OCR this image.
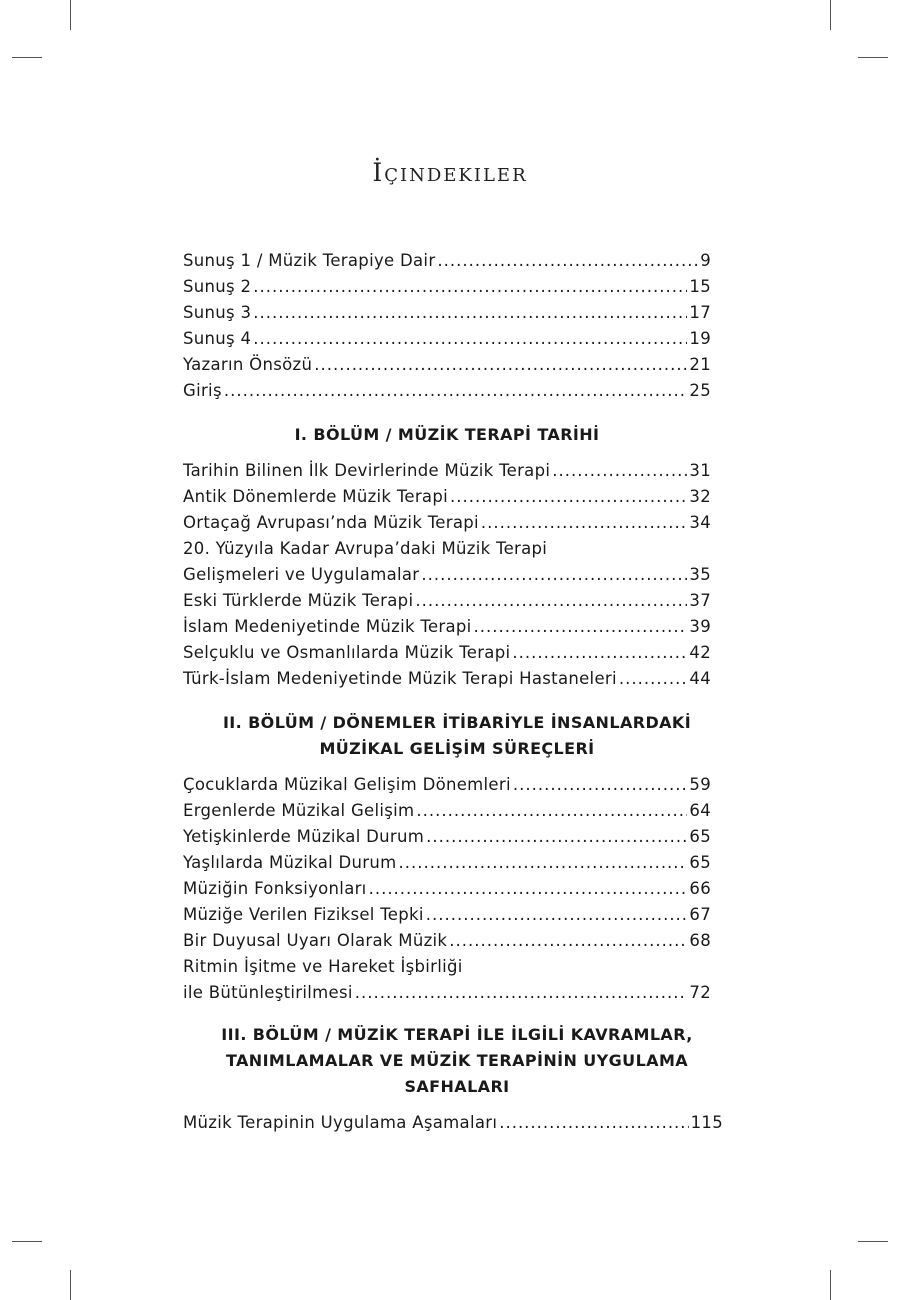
İçindekiler
Sunuş 1 / Müzik Terapiye Dair .....	9
Sunuş 2 .....	15
Sunuş 3 .....	17
Sunuş 4 .....	19
Yazarın Önsözü .....	21
Giriş .....	25
I. BÖLÜM / MÜZİK TERAPİ TARİHİ
Tarihin Bilinen İlk Devirlerinde Müzik Terapi .....	31
Antik Dönemlerde Müzik Terapi .....	32
Ortaçağ Avrupası’nda Müzik Terapi .....	34
20. Yüzyıla Kadar Avrupa’daki Müzik Terapi
Gelişmeleri ve Uygulamalar .....	35
Eski Türklerde Müzik Terapi .....	37
İslam Medeniyetinde Müzik Terapi .....	39
Selçuklu ve Osmanlılarda Müzik Terapi .....	42
Türk-İslam Medeniyetinde Müzik Terapi Hastaneleri .....	44
II. BÖLÜM / DÖNEMLER İTİBARİYLE İNSANLARDAKİ
MÜZİKAL GELİŞİM SÜREÇLERİ
Çocuklarda Müzikal Gelişim Dönemleri .....	59
Ergenlerde Müzikal Gelişim .....	64
Yetişkinlerde Müzikal Durum .....	65
Yaşlılarda Müzikal Durum .....	65
Müziğin Fonksiyonları .....	66
Müziğe Verilen Fiziksel Tepki .....	67
Bir Duyusal Uyarı Olarak Müzik .....	68
Ritmin İşitme ve Hareket İşbirliği
ile Bütünleştirilmesi .....	72
III. BÖLÜM / MÜZİK TERAPİ İLE İLGİLİ KAVRAMLAR,
TANIMLAMALAR VE MÜZİK TERAPİNİN UYGULAMA
SAFHALARI
Müzik Terapinin Uygulama Aşamaları .....	115
